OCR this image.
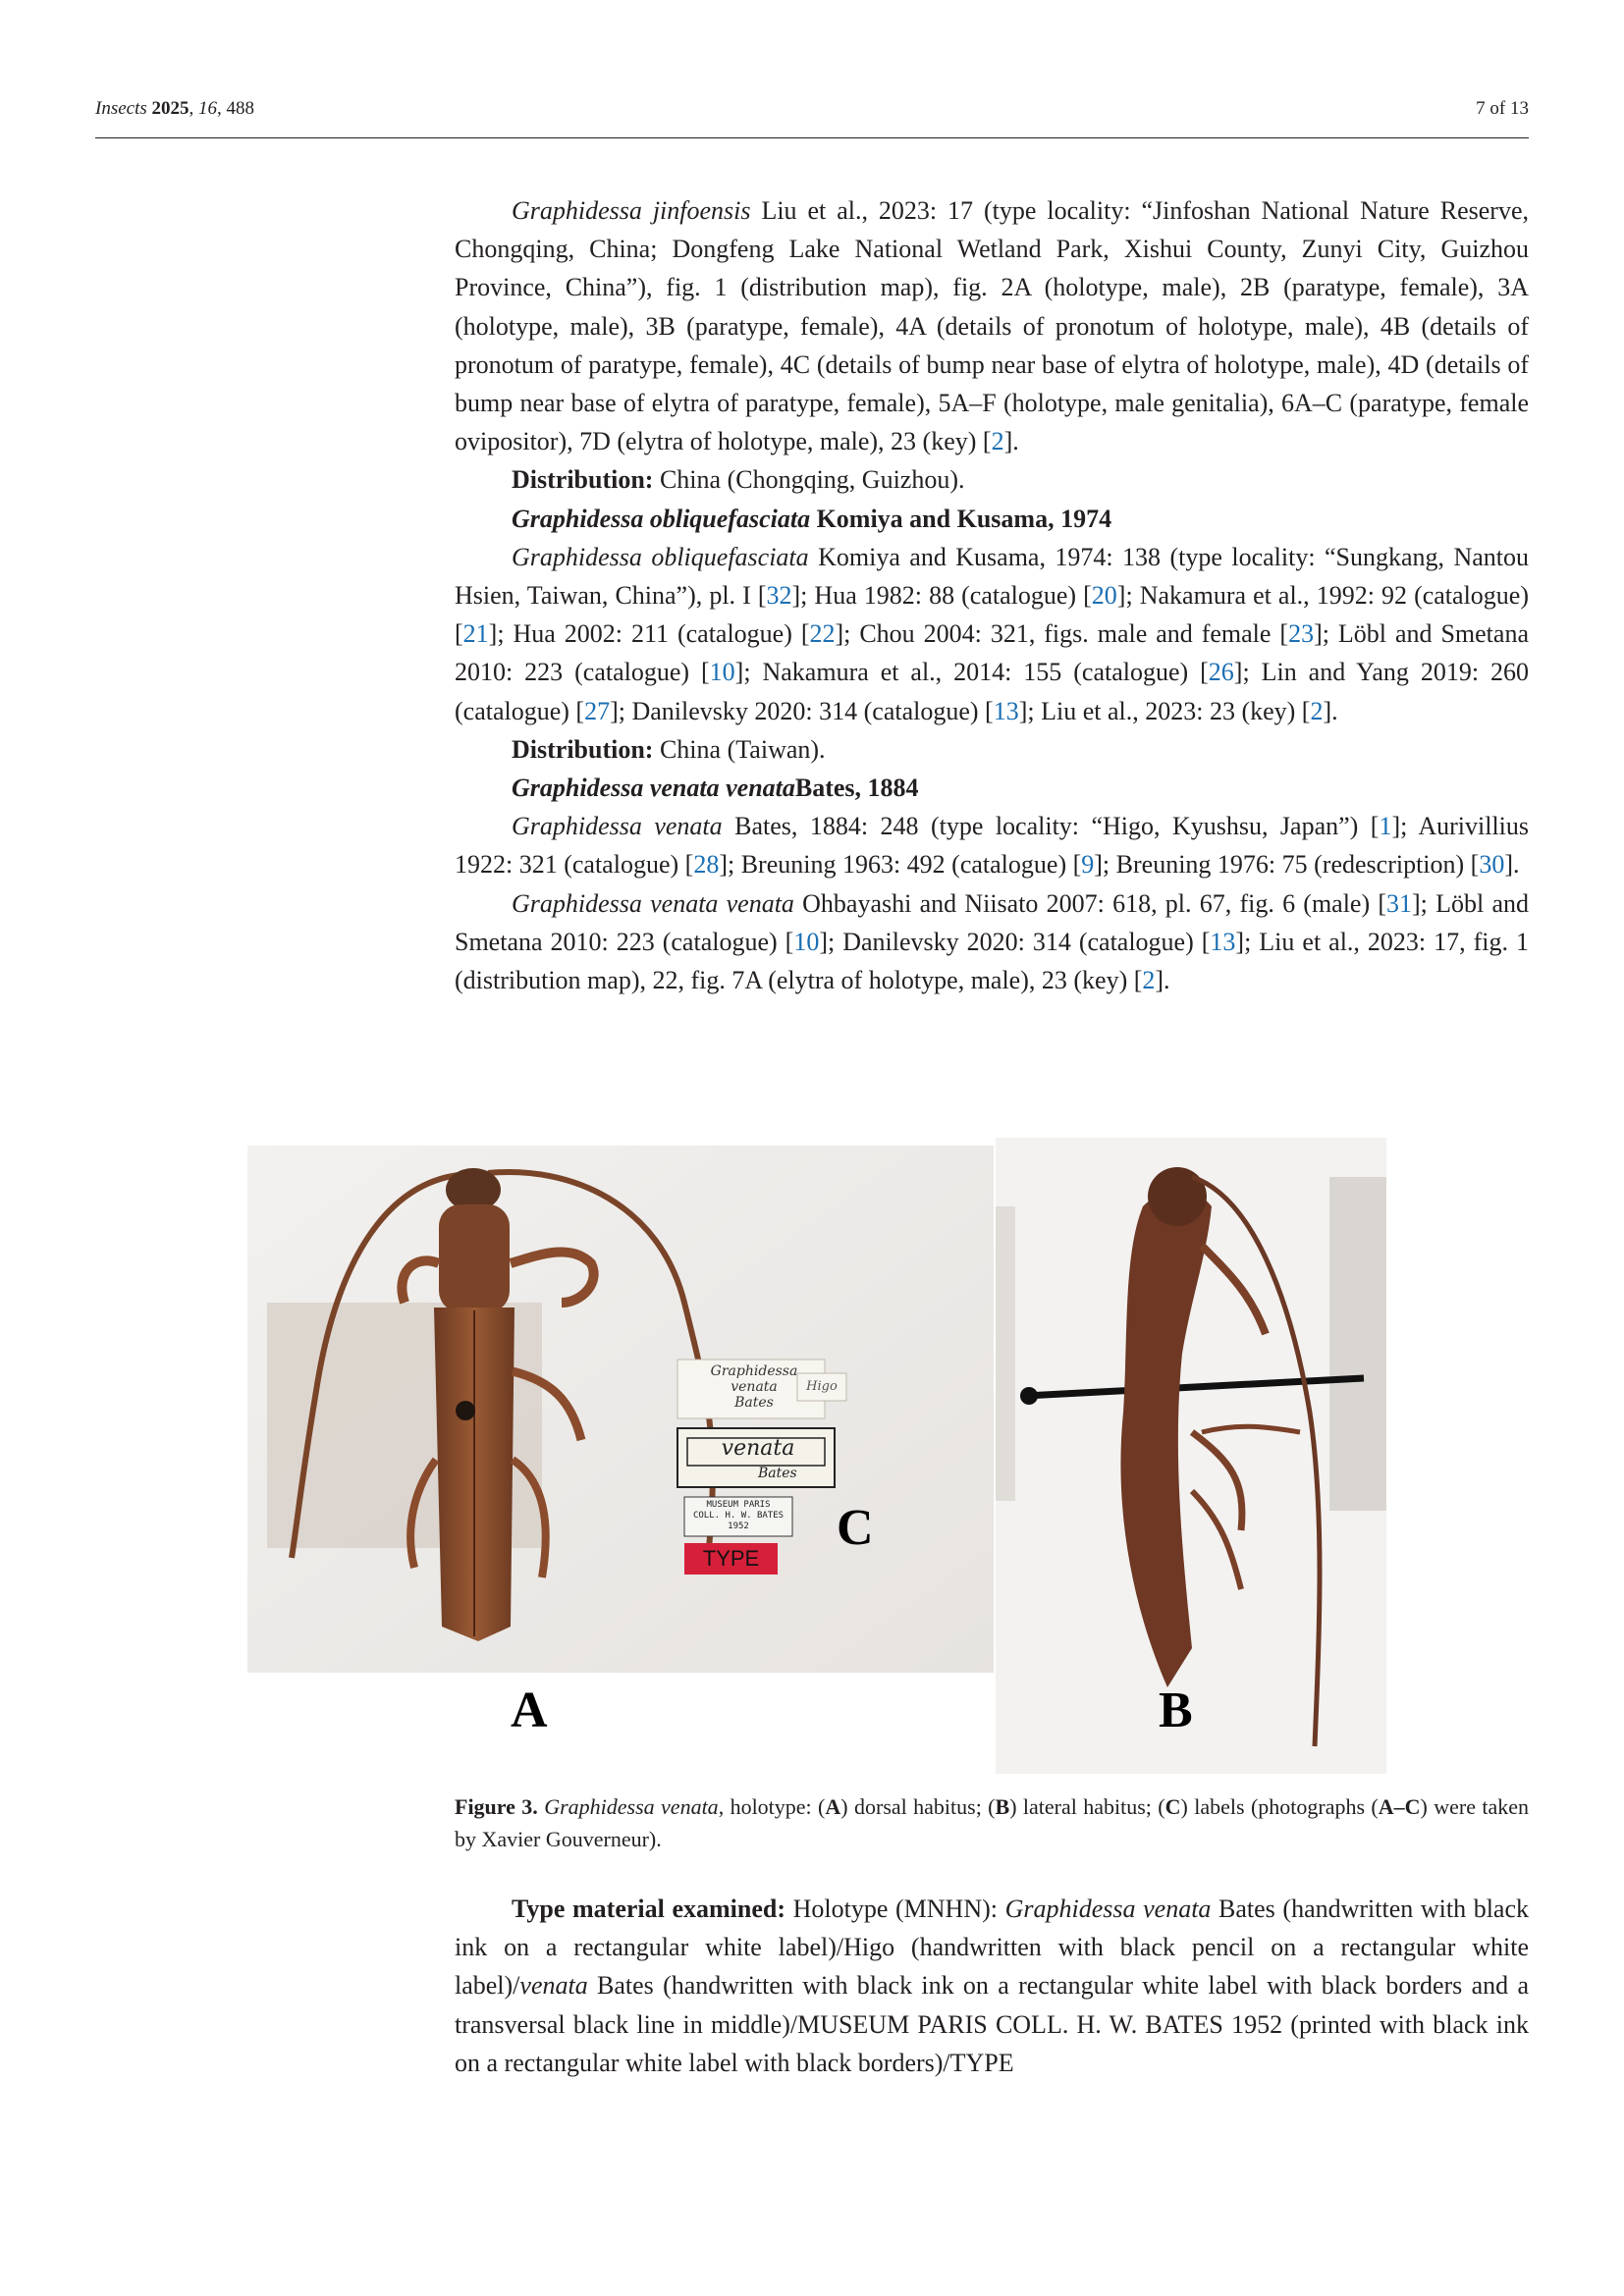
Insects 2025, 16, 488	7 of 13

Graphidessa jinfoensis Liu et al., 2023: 17 (type locality: “Jinfoshan National Nature Reserve, Chongqing, China; Dongfeng Lake National Wetland Park, Xishui County, Zunyi City, Guizhou Province, China”), fig. 1 (distribution map), fig. 2A (holotype, male), 2B (paratype, female), 3A (holotype, male), 3B (paratype, female), 4A (details of pronotum of holotype, male), 4B (details of pronotum of paratype, female), 4C (details of bump near base of elytra of holotype, male), 4D (details of bump near base of elytra of paratype, female), 5A–F (holotype, male genitalia), 6A–C (paratype, female ovipositor), 7D (elytra of holotype, male), 23 (key) [2].

Distribution: China (Chongqing, Guizhou).

Graphidessa obliquefasciata Komiya and Kusama, 1974

Graphidessa obliquefasciata Komiya and Kusama, 1974: 138 (type locality: “Sungkang, Nantou Hsien, Taiwan, China”), pl. I [32]; Hua 1982: 88 (catalogue) [20]; Nakamura et al., 1992: 92 (catalogue) [21]; Hua 2002: 211 (catalogue) [22]; Chou 2004: 321, figs. male and female [23]; Löbl and Smetana 2010: 223 (catalogue) [10]; Nakamura et al., 2014: 155 (catalogue) [26]; Lin and Yang 2019: 260 (catalogue) [27]; Danilevsky 2020: 314 (catalogue) [13]; Liu et al., 2023: 23 (key) [2].

Distribution: China (Taiwan).

Graphidessa venata venataBates, 1884

Graphidessa venata Bates, 1884: 248 (type locality: “Higo, Kyushsu, Japan”) [1]; Aurivillius 1922: 321 (catalogue) [28]; Breuning 1963: 492 (catalogue) [9]; Breuning 1976: 75 (redescription) [30].

Graphidessa venata venata Ohbayashi and Niisato 2007: 618, pl. 67, fig. 6 (male) [31]; Löbl and Smetana 2010: 223 (catalogue) [10]; Danilevsky 2020: 314 (catalogue) [13]; Liu et al., 2023: 17, fig. 1 (distribution map), 22, fig. 7A (elytra of holotype, male), 23 (key) [2].

Graphidessa
venata
Bates
Higo
venata
Bates
MUSEUM PARIS
COLL. H. W. BATES
1952
TYPE
C
A	B
Figure 3. Graphidessa venata, holotype: (A) dorsal habitus; (B) lateral habitus; (C) labels (photographs (A–C) were taken by Xavier Gouverneur).

Type material examined: Holotype (MNHN): Graphidessa venata Bates (handwritten with black ink on a rectangular white label)/Higo (handwritten with black pencil on a rectangular white label)/venata Bates (handwritten with black ink on a rectangular white label with black borders and a transversal black line in middle)/MUSEUM PARIS COLL. H. W. BATES 1952 (printed with black ink on a rectangular white label with black borders)/TYPE
